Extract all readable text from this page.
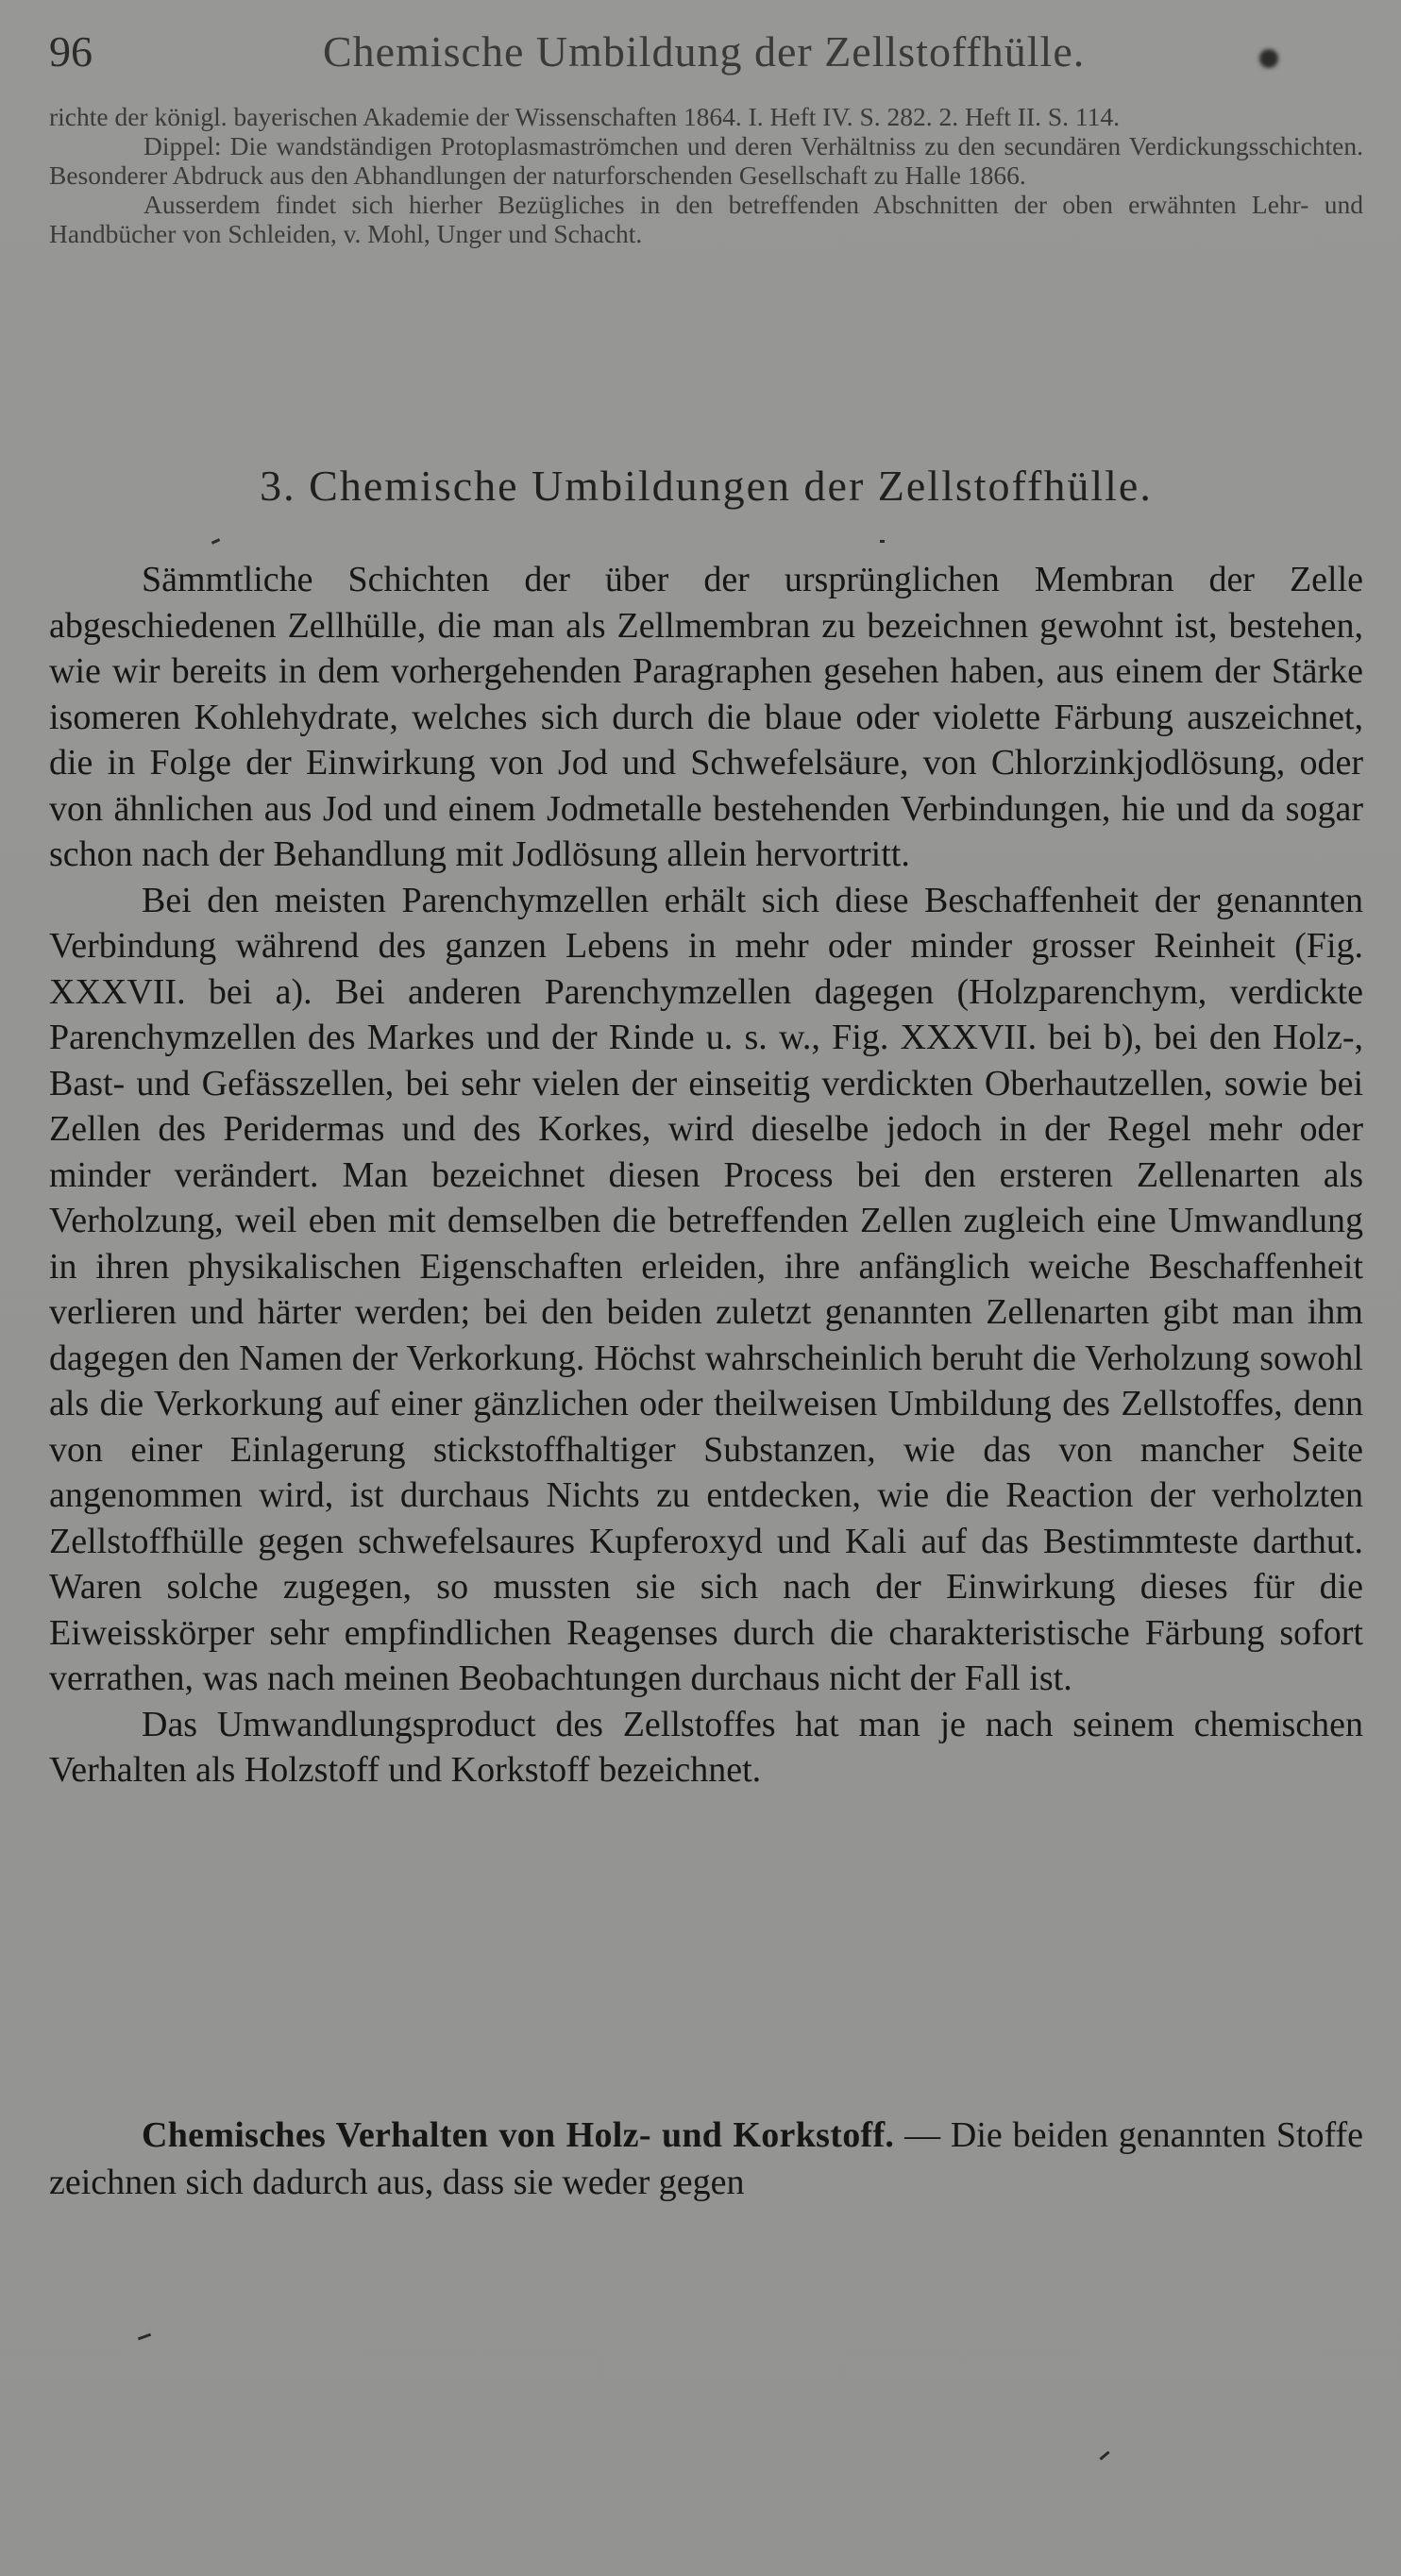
96	Chemische Umbildung der Zellstoffhülle.

richte der königl. bayerischen Akademie der Wissenschaften 1864. I. Heft IV. S. 282. 2. Heft II. S. 114.

Dippel: Die wandständigen Protoplasmaströmchen und deren Verhältniss zu den secundären Verdickungsschichten. Besonderer Abdruck aus den Abhandlungen der naturforschenden Gesellschaft zu Halle 1866.

Ausserdem findet sich hierher Bezügliches in den betreffenden Abschnitten der oben erwähnten Lehr- und Handbücher von Schleiden, v. Mohl, Unger und Schacht.

3. Chemische Umbildungen der Zellstoffhülle.

Sämmtliche Schichten der über der ursprünglichen Membran der Zelle abgeschiedenen Zellhülle, die man als Zellmembran zu bezeichnen gewohnt ist, bestehen, wie wir bereits in dem vorhergehenden Paragraphen gesehen haben, aus einem der Stärke isomeren Kohlehydrate, welches sich durch die blaue oder violette Färbung auszeichnet, die in Folge der Einwirkung von Jod und Schwefelsäure, von Chlorzinkjodlösung, oder von ähnlichen aus Jod und einem Jodmetalle bestehenden Verbindungen, hie und da sogar schon nach der Behandlung mit Jodlösung allein hervortritt.

Bei den meisten Parenchymzellen erhält sich diese Beschaffenheit der genannten Verbindung während des ganzen Lebens in mehr oder minder grosser Reinheit (Fig. XXXVII. bei a). Bei anderen Parenchymzellen dagegen (Holzparenchym, verdickte Parenchymzellen des Markes und der Rinde u. s. w., Fig. XXXVII. bei b), bei den Holz-, Bast- und Gefässzellen, bei sehr vielen der einseitig verdickten Oberhautzellen, sowie bei Zellen des Peridermas und des Korkes, wird dieselbe jedoch in der Regel mehr oder minder verändert. Man bezeichnet diesen Process bei den ersteren Zellenarten als Verholzung, weil eben mit demselben die betreffenden Zellen zugleich eine Umwandlung in ihren physikalischen Eigenschaften erleiden, ihre anfänglich weiche Beschaffenheit verlieren und härter werden; bei den beiden zuletzt genannten Zellenarten gibt man ihm dagegen den Namen der Verkorkung. Höchst wahrscheinlich beruht die Verholzung sowohl als die Verkorkung auf einer gänzlichen oder theilweisen Umbildung des Zellstoffes, denn von einer Einlagerung stickstoffhaltiger Substanzen, wie das von mancher Seite angenommen wird, ist durchaus Nichts zu entdecken, wie die Reaction der verholzten Zellstoffhülle gegen schwefelsaures Kupferoxyd und Kali auf das Bestimmteste darthut. Waren solche zugegen, so mussten sie sich nach der Einwirkung dieses für die Eiweisskörper sehr empfindlichen Reagenses durch die charakteristische Färbung sofort verrathen, was nach meinen Beobachtungen durchaus nicht der Fall ist.

Das Umwandlungsproduct des Zellstoffes hat man je nach seinem chemischen Verhalten als Holzstoff und Korkstoff bezeichnet.

Chemisches Verhalten von Holz- und Korkstoff. — Die beiden genannten Stoffe zeichnen sich dadurch aus, dass sie weder gegen
